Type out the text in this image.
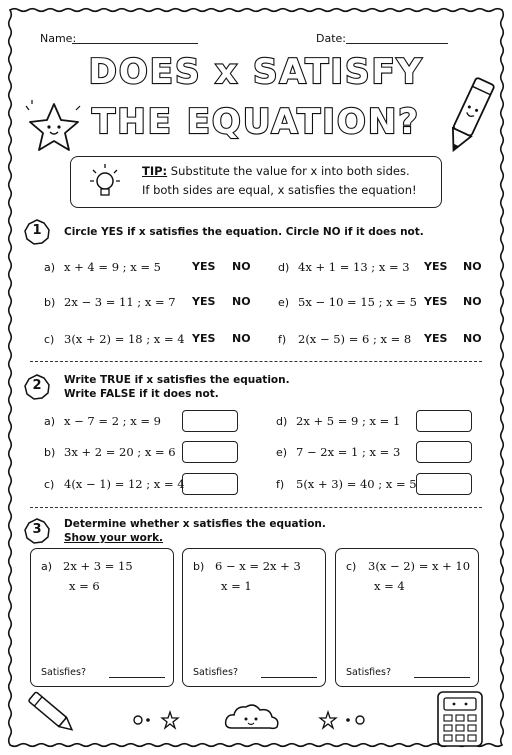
Name:	Date:
DOES x SATISFY
THE EQUATION?
TIP: Substitute the value for x into both sides.
If both sides are equal, x satisfies the equation!
1	Circle YES if x satisfies the equation. Circle NO if it does not.
a) x + 4 = 9 ; x = 5	YES NO
b) 2x − 3 = 11 ; x = 7 YES NO
c) 3(x + 2) = 18 ; x = 4 YES NO
d) 4x + 1 = 13 ; x = 3 YES NO
e) 5x − 10 = 15 ; x = 5 YES NO
f) 2(x − 5) = 6 ; x = 8 YES NO
2	Write TRUE if x satisfies the equation.
Write FALSE if it does not.
a) x − 7 = 2 ; x = 9
b) 3x + 2 = 20 ; x = 6
c) 4(x − 1) = 12 ; x = 4
d) 2x + 5 = 9 ; x = 1
e) 7 − 2x = 1 ; x = 3
f) 5(x + 3) = 40 ; x = 5
3	Determine whether x satisfies the equation.
Show your work.
a) 2x + 3 = 15
x = 6
Satisfies?
b) 6 − x = 2x + 3
x = 1
Satisfies?
c) 3(x − 2) = x + 10
x = 4
Satisfies?
